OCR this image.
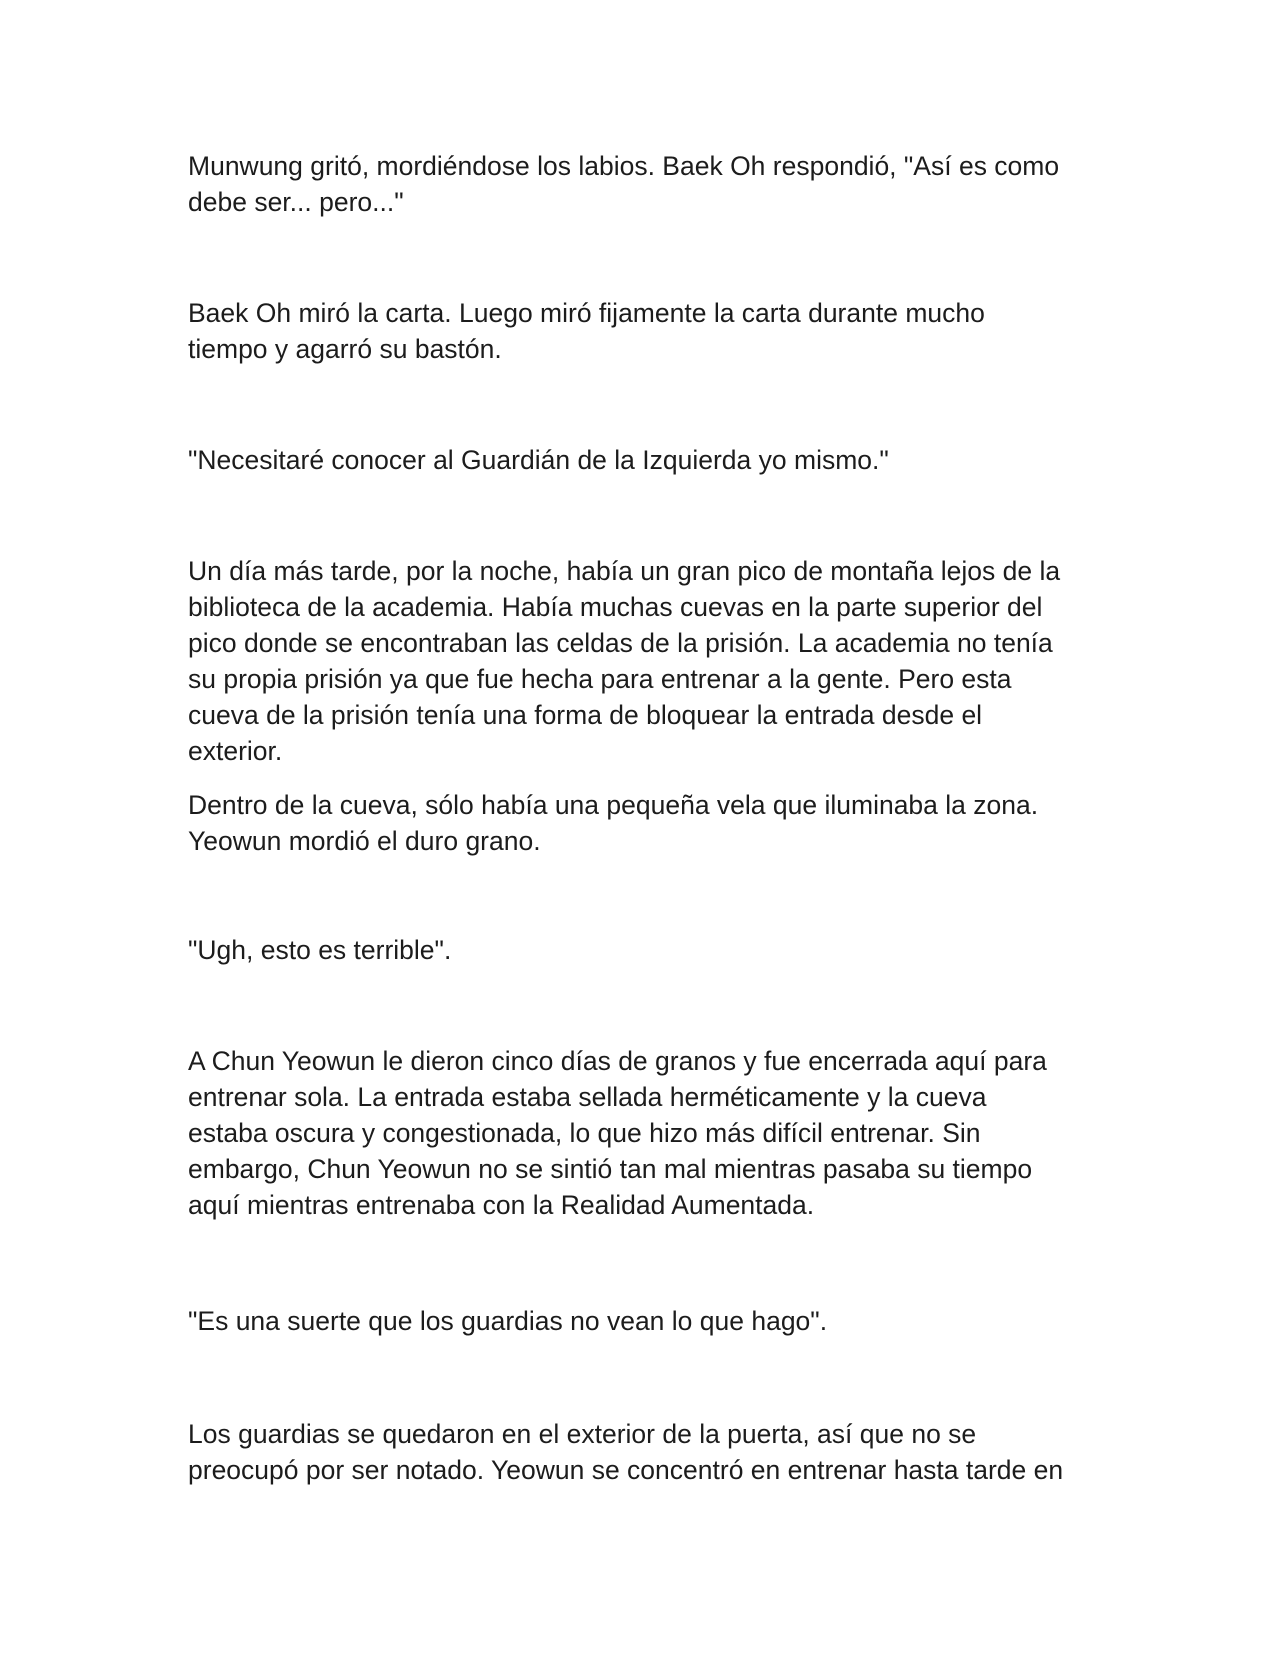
Munwung gritó, mordiéndose los labios. Baek Oh respondió, "Así es como
debe ser... pero..."

Baek Oh miró la carta. Luego miró fijamente la carta durante mucho
tiempo y agarró su bastón.

"Necesitaré conocer al Guardián de la Izquierda yo mismo."

Un día más tarde, por la noche, había un gran pico de montaña lejos de la
biblioteca de la academia. Había muchas cuevas en la parte superior del
pico donde se encontraban las celdas de la prisión. La academia no tenía
su propia prisión ya que fue hecha para entrenar a la gente. Pero esta
cueva de la prisión tenía una forma de bloquear la entrada desde el
exterior.

Dentro de la cueva, sólo había una pequeña vela que iluminaba la zona.
Yeowun mordió el duro grano.

"Ugh, esto es terrible".

A Chun Yeowun le dieron cinco días de granos y fue encerrada aquí para
entrenar sola. La entrada estaba sellada herméticamente y la cueva
estaba oscura y congestionada, lo que hizo más difícil entrenar. Sin
embargo, Chun Yeowun no se sintió tan mal mientras pasaba su tiempo
aquí mientras entrenaba con la Realidad Aumentada.

"Es una suerte que los guardias no vean lo que hago".

Los guardias se quedaron en el exterior de la puerta, así que no se
preocupó por ser notado. Yeowun se concentró en entrenar hasta tarde en
